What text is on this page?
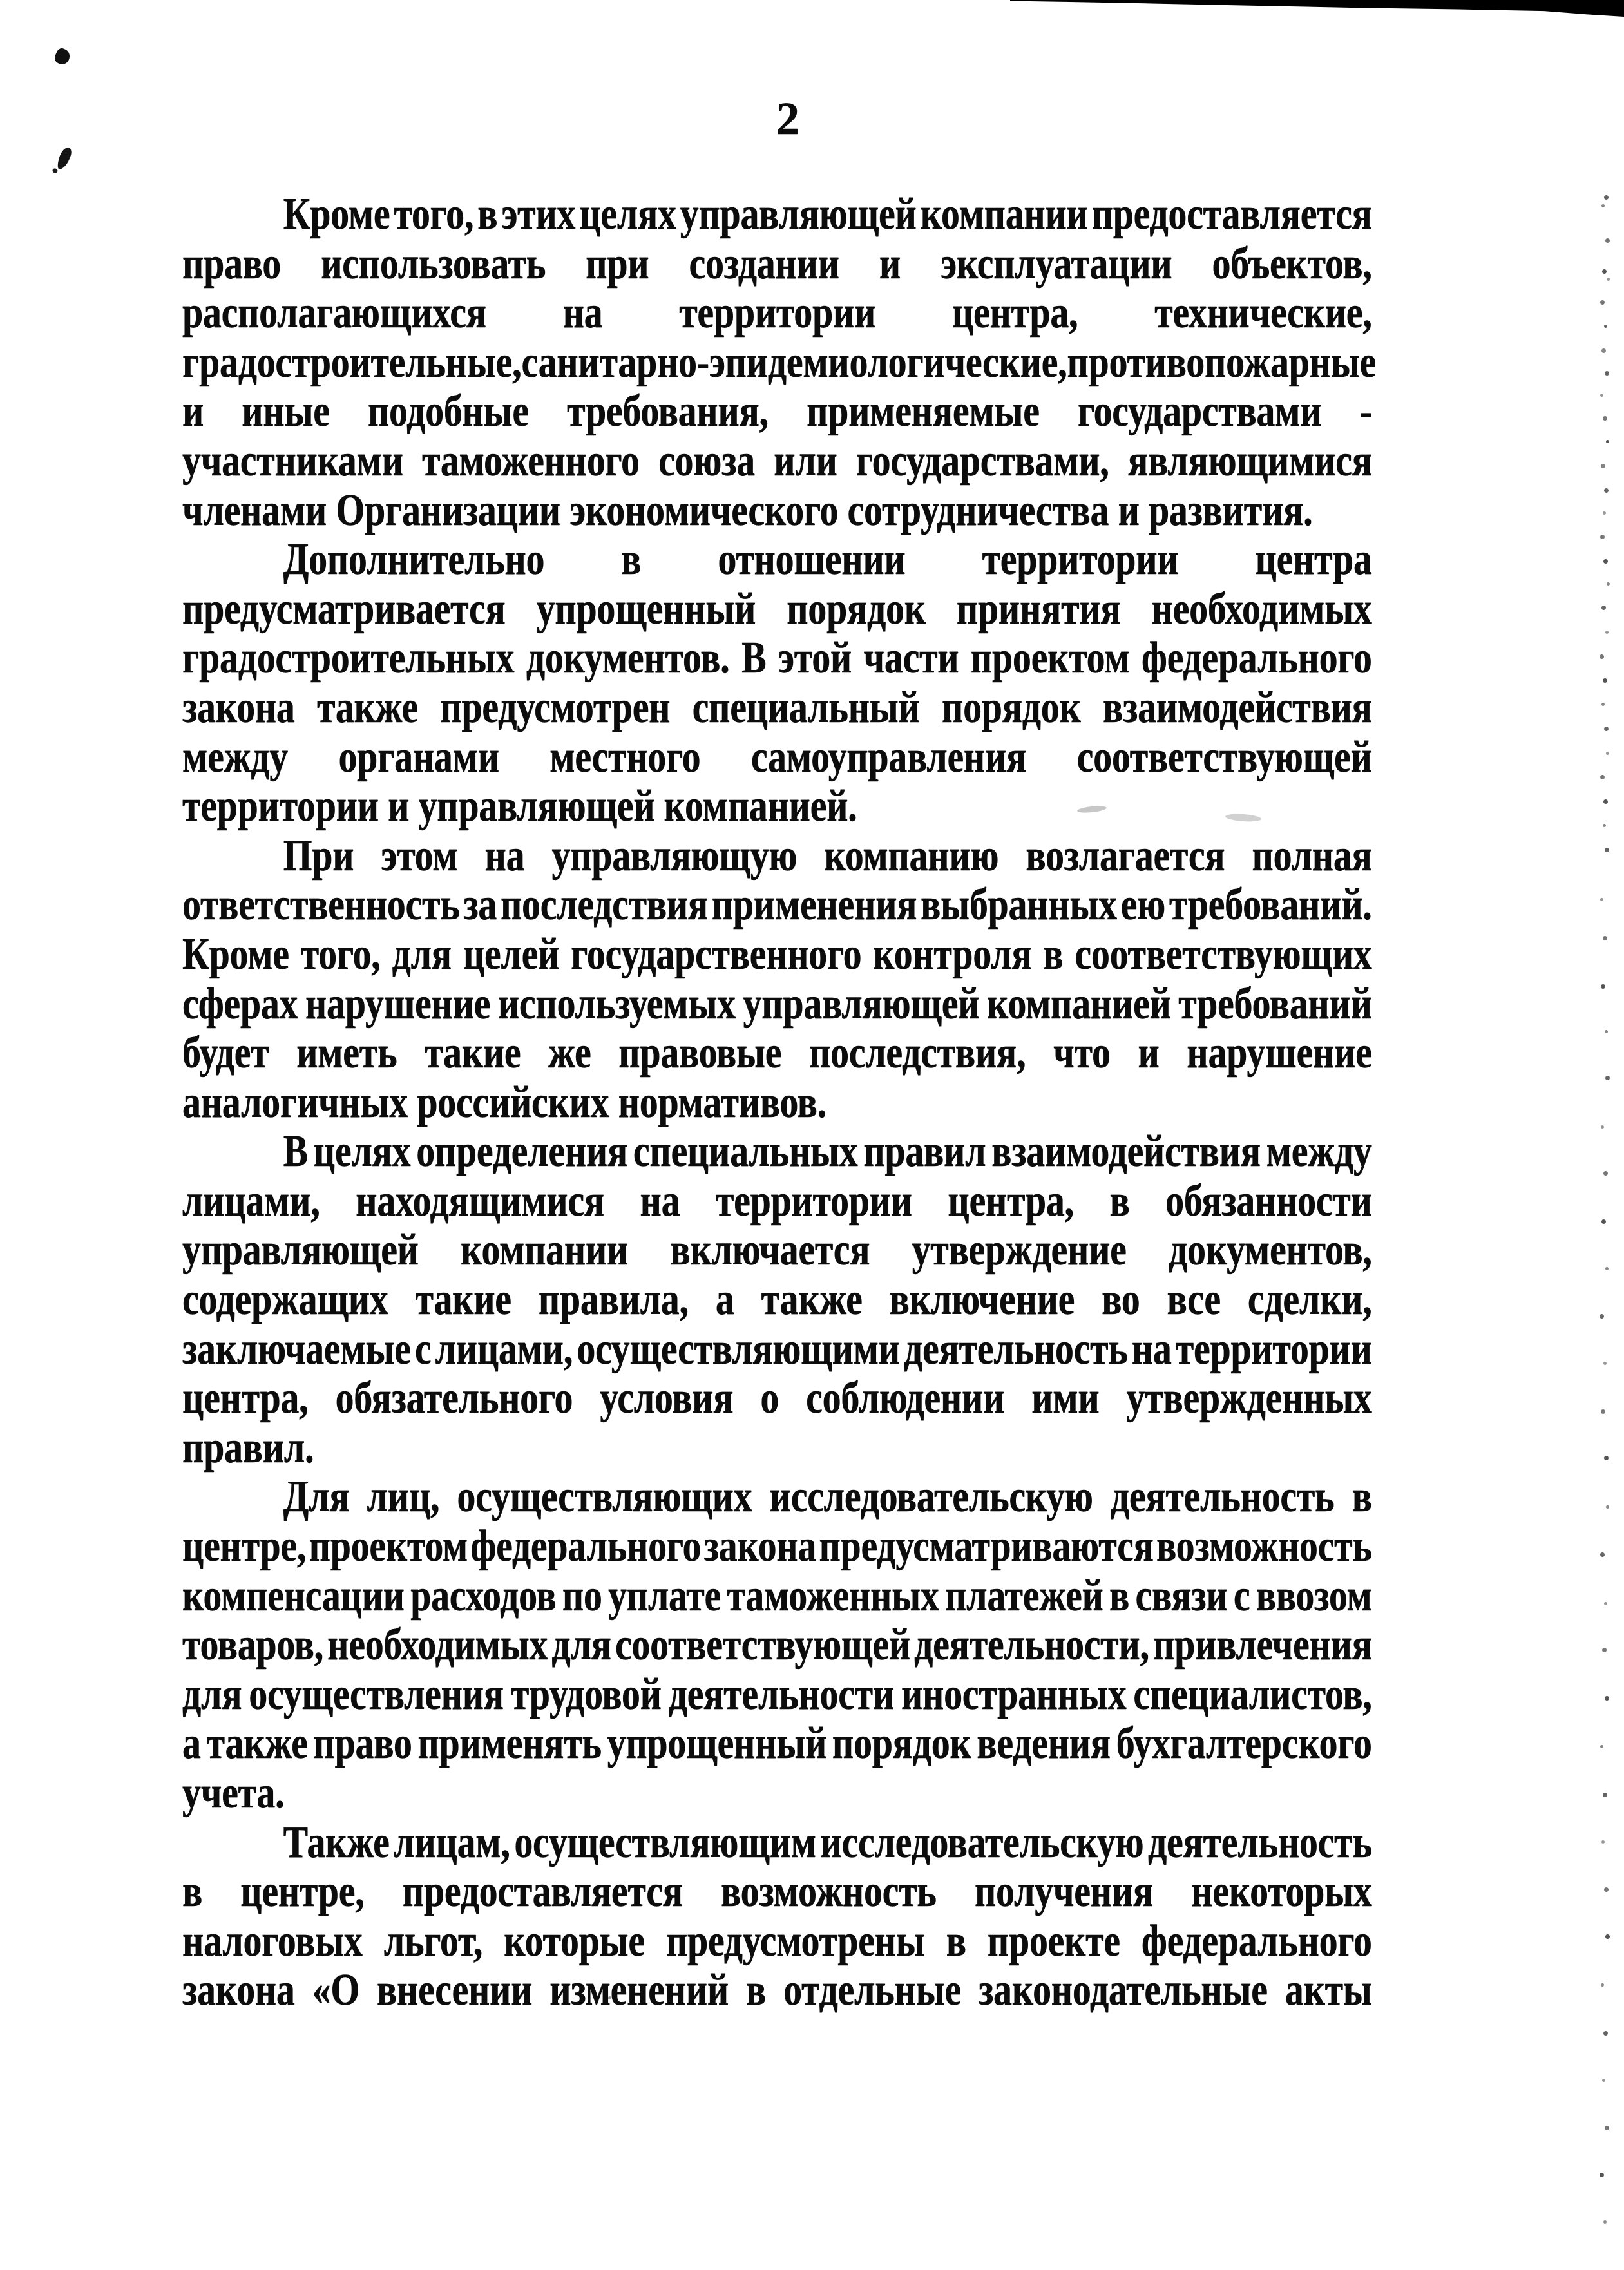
2
Кроме того, в этих целях управляющей компании предоставляется
право использовать при создании и эксплуатации объектов,
располагающихся на территории центра, технические,
градостроительные, санитарно-эпидемиологические, противопожарные
и иные подобные требования, применяемые государствами -
участниками таможенного союза или государствами, являющимися
членами Организации экономического сотрудничества и развития.
Дополнительно в отношении территории центра
предусматривается упрощенный порядок принятия необходимых
градостроительных документов. В этой части проектом федерального
закона также предусмотрен специальный порядок взаимодействия
между органами местного самоуправления соответствующей
территории и управляющей компанией.
При этом на управляющую компанию возлагается полная
ответственность за последствия применения выбранных ею требований.
Кроме того, для целей государственного контроля в соответствующих
сферах нарушение используемых управляющей компанией требований
будет иметь такие же правовые последствия, что и нарушение
аналогичных российских нормативов.
В целях определения специальных правил взаимодействия между
лицами, находящимися на территории центра, в обязанности
управляющей компании включается утверждение документов,
содержащих такие правила, а также включение во все сделки,
заключаемые с лицами, осуществляющими деятельность на территории
центра, обязательного условия о соблюдении ими утвержденных
правил.
Для лиц, осуществляющих исследовательскую деятельность в
центре, проектом федерального закона предусматриваются возможность
компенсации расходов по уплате таможенных платежей в связи с ввозом
товаров, необходимых для соответствующей деятельности, привлечения
для осуществления трудовой деятельности иностранных специалистов,
а также право применять упрощенный порядок ведения бухгалтерского
учета.
Также лицам, осуществляющим исследовательскую деятельность
в центре, предоставляется возможность получения некоторых
налоговых льгот, которые предусмотрены в проекте федерального
закона «О внесении изменений в отдельные законодательные акты
